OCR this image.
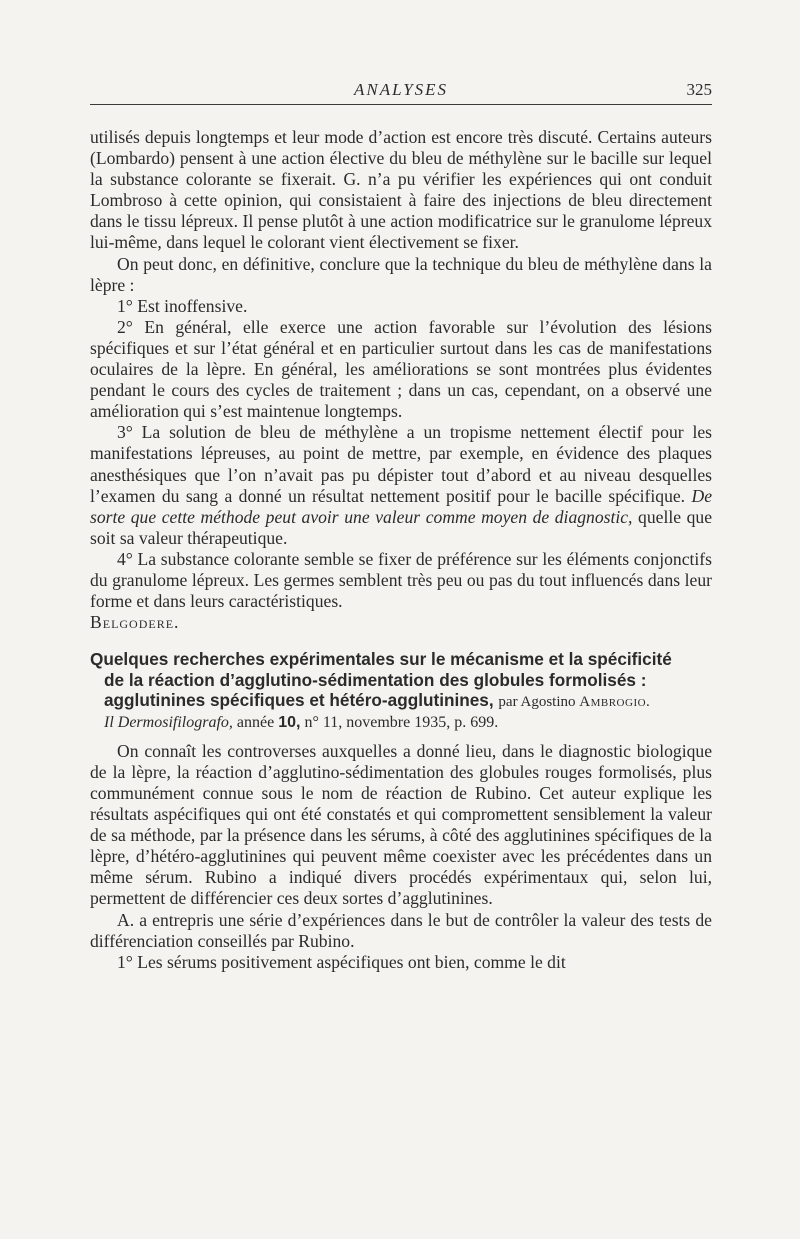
ANALYSES	325

utilisés depuis longtemps et leur mode d’action est encore très discuté. Certains auteurs (Lombardo) pensent à une action élective du bleu de méthylène sur le bacille sur lequel la substance colorante se fixerait. G. n’a pu vérifier les expériences qui ont conduit Lombroso à cette opinion, qui consistaient à faire des injections de bleu directement dans le tissu lépreux. Il pense plutôt à une action modificatrice sur le granulome lépreux lui-même, dans lequel le colorant vient électivement se fixer.

On peut donc, en définitive, conclure que la technique du bleu de méthylène dans la lèpre :

1° Est inoffensive.

2° En général, elle exerce une action favorable sur l’évolution des lésions spécifiques et sur l’état général et en particulier surtout dans les cas de manifestations oculaires de la lèpre. En général, les améliorations se sont montrées plus évidentes pendant le cours des cycles de traitement ; dans un cas, cependant, on a observé une amélioration qui s’est maintenue longtemps.

3° La solution de bleu de méthylène a un tropisme nettement électif pour les manifestations lépreuses, au point de mettre, par exemple, en évidence des plaques anesthésiques que l’on n’avait pas pu dépister tout d’abord et au niveau desquelles l’examen du sang a donné un résultat nettement positif pour le bacille spécifique. De sorte que cette méthode peut avoir une valeur comme moyen de diagnostic, quelle que soit sa valeur thérapeutique.

4° La substance colorante semble se fixer de préférence sur les éléments conjonctifs du granulome lépreux. Les germes semblent très peu ou pas du tout influencés dans leur forme et dans leurs caractéristiques.

Belgodere.

Quelques recherches expérimentales sur le mécanisme et la spécificité
de la réaction d’agglutino-sédimentation des globules formolisés :
agglutinines spécifiques et hétéro-agglutinines, par Agostino Ambrogio.
Il Dermosifilografo, année 10, n° 11, novembre 1935, p. 699.

On connaît les controverses auxquelles a donné lieu, dans le diagnostic biologique de la lèpre, la réaction d’agglutino-sédimentation des globules rouges formolisés, plus communément connue sous le nom de réaction de Rubino. Cet auteur explique les résultats aspécifiques qui ont été constatés et qui compromettent sensiblement la valeur de sa méthode, par la présence dans les sérums, à côté des agglutinines spécifiques de la lèpre, d’hétéro-agglutinines qui peuvent même coexister avec les précédentes dans un même sérum. Rubino a indiqué divers procédés expérimentaux qui, selon lui, permettent de différencier ces deux sortes d’agglutinines.

A. a entrepris une série d’expériences dans le but de contrôler la valeur des tests de différenciation conseillés par Rubino.

1° Les sérums positivement aspécifiques ont bien, comme le dit
